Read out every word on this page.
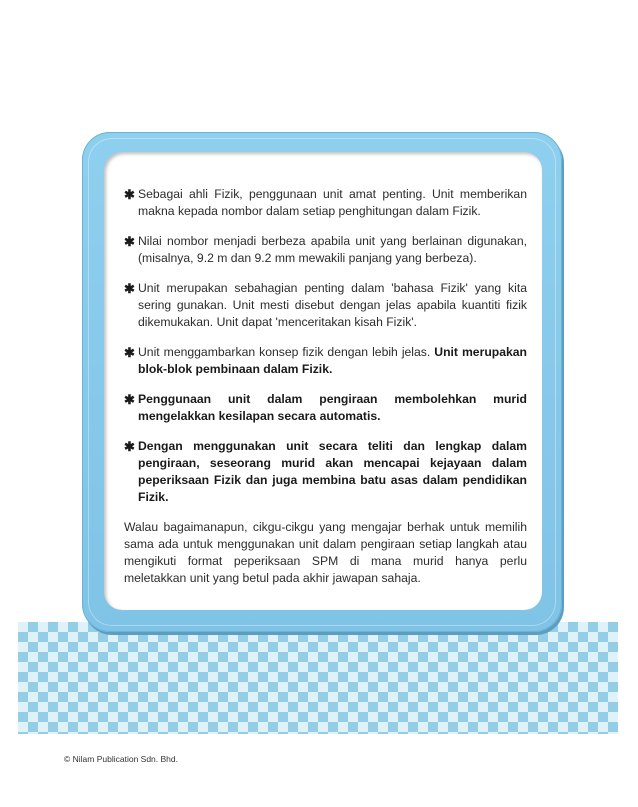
✱ Sebagai ahli Fizik, penggunaan unit amat penting. Unit memberikan makna kepada nombor dalam setiap penghitungan dalam Fizik.
✱ Nilai nombor menjadi berbeza apabila unit yang berlainan digunakan, (misalnya, 9.2 m dan 9.2 mm mewakili panjang yang berbeza).
✱ Unit merupakan sebahagian penting dalam 'bahasa Fizik' yang kita sering gunakan. Unit mesti disebut dengan jelas apabila kuantiti fizik dikemukakan. Unit dapat 'menceritakan kisah Fizik'.
✱ Unit menggambarkan konsep fizik dengan lebih jelas. Unit merupakan blok-blok pembinaan dalam Fizik.
✱ Penggunaan unit dalam pengiraan membolehkan murid mengelakkan kesilapan secara automatis.
✱ Dengan menggunakan unit secara teliti dan lengkap dalam pengiraan, seseorang murid akan mencapai kejayaan dalam peperiksaan Fizik dan juga membina batu asas dalam pendidikan Fizik.

Walau bagaimanapun, cikgu-cikgu yang mengajar berhak untuk memilih sama ada untuk menggunakan unit dalam pengiraan setiap langkah atau mengikuti format peperiksaan SPM di mana murid hanya perlu meletakkan unit yang betul pada akhir jawapan sahaja.

© Nilam Publication Sdn. Bhd.
